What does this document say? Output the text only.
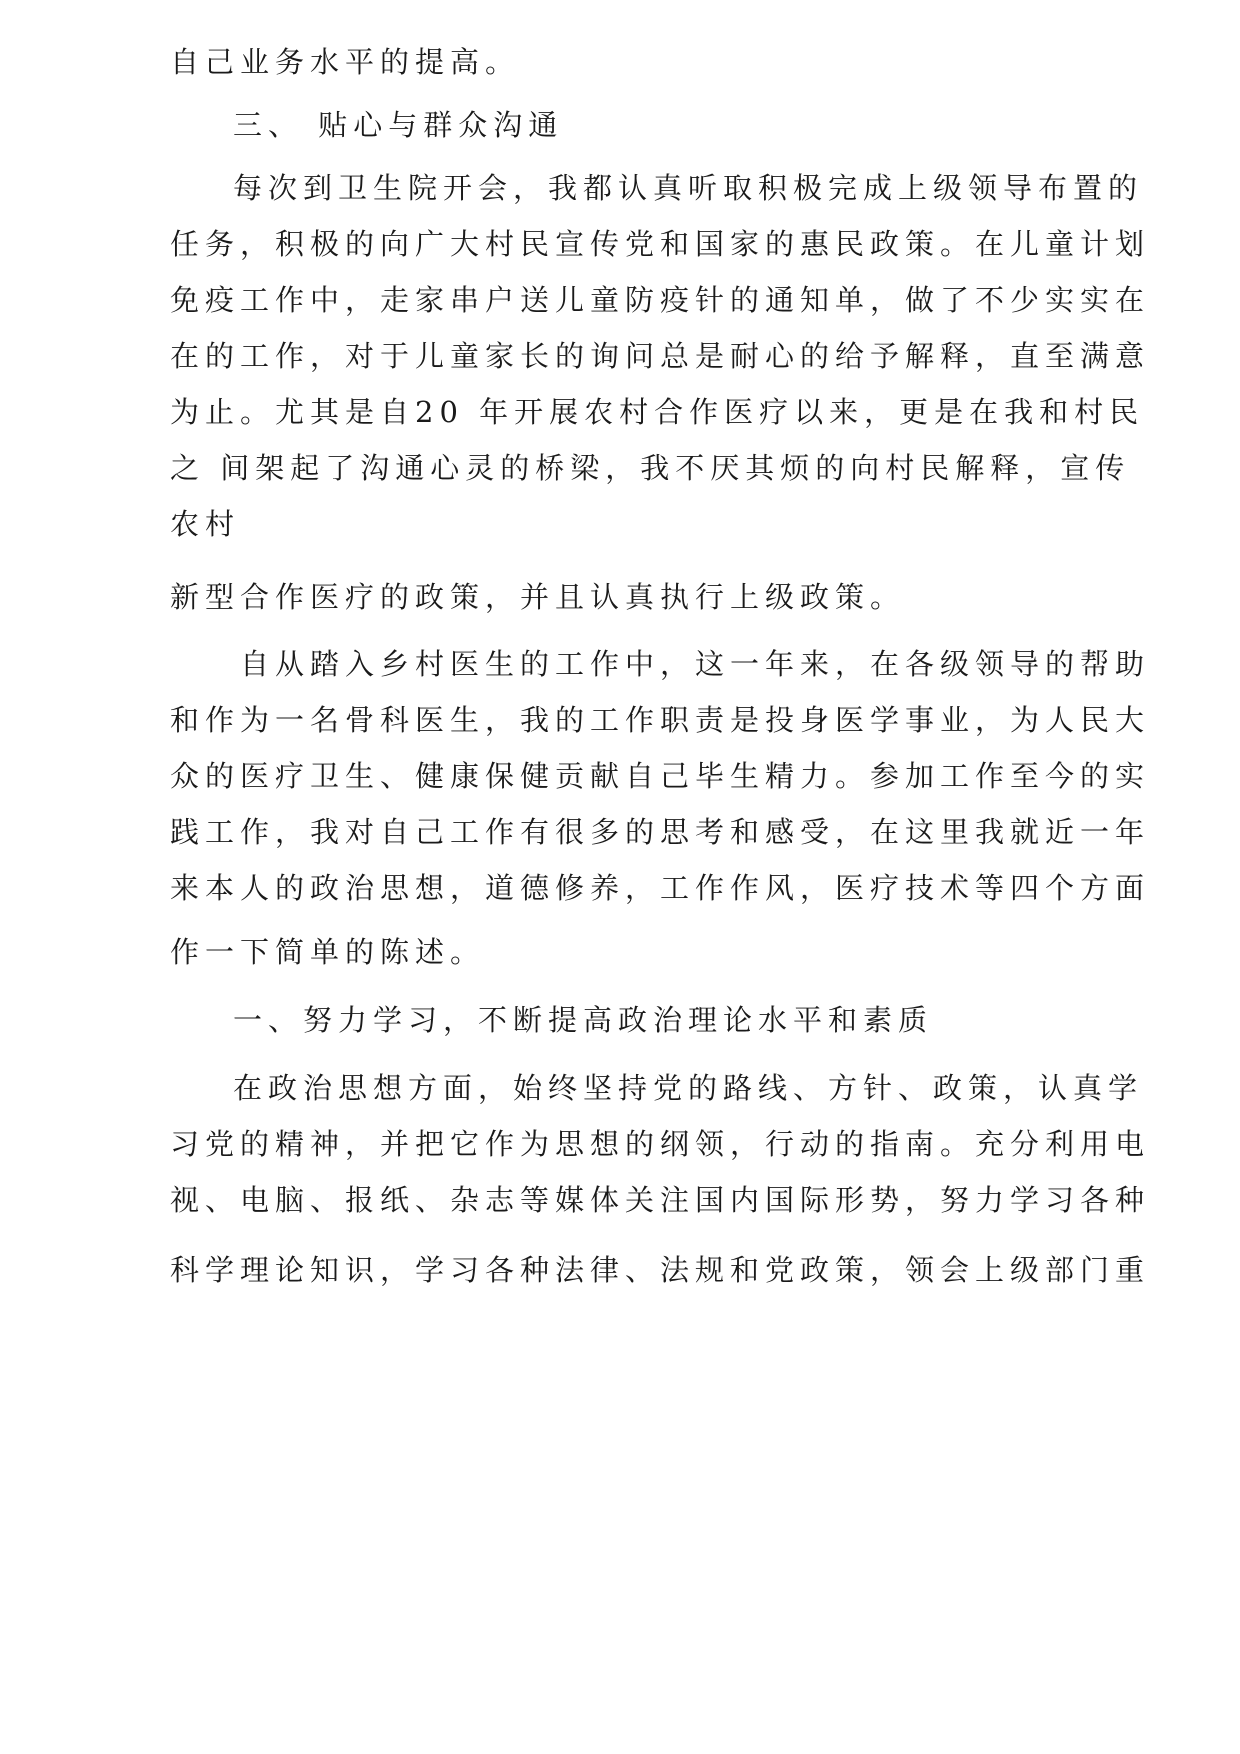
自己业务水平的提高。
三、 贴心与群众沟通
每次到卫生院开会，我都认真听取积极完成上级领导布置的
任务，积极的向广大村民宣传党和国家的惠民政策。在儿童计划
免疫工作中，走家串户送儿童防疫针的通知单，做了不少实实在
在的工作，对于儿童家长的询问总是耐心的给予解释，直至满意
为止。尤其是自20 年开展农村合作医疗以来，更是在我和村民
之 间架起了沟通心灵的桥梁，我不厌其烦的向村民解释，宣传
农村
新型合作医疗的政策，并且认真执行上级政策。
自从踏入乡村医生的工作中，这一年来，在各级领导的帮助
和作为一名骨科医生，我的工作职责是投身医学事业，为人民大
众的医疗卫生、健康保健贡献自己毕生精力。参加工作至今的实
践工作，我对自己工作有很多的思考和感受，在这里我就近一年
来本人的政治思想，道德修养，工作作风，医疗技术等四个方面
作一下简单的陈述。
一、努力学习，不断提高政治理论水平和素质
在政治思想方面，始终坚持党的路线、方针、政策，认真学
习党的精神，并把它作为思想的纲领，行动的指南。充分利用电
视、电脑、报纸、杂志等媒体关注国内国际形势，努力学习各种
科学理论知识，学习各种法律、法规和党政策，领会上级部门重
